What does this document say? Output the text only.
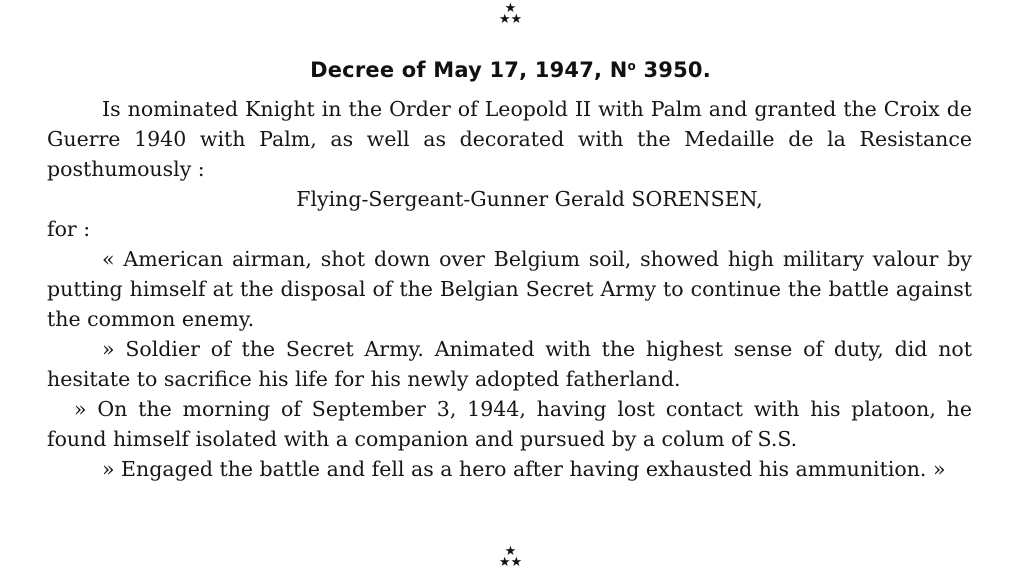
★
★★
Decree of May 17, 1947, $N^o$ 3950.

Is nominated Knight in the Order of Leopold II with Palm and granted the Croix de Guerre 1940 with Palm, as well as decorated with the Medaille de la Resistance posthumously :

Flying-Sergeant-Gunner Gerald SORENSEN,

for :

« American airman, shot down over Belgium soil, showed high military valour by putting himself at the disposal of the Belgian Secret Army to continue the battle against the common enemy.

» Soldier of the Secret Army. Animated with the highest sense of duty, did not hesitate to sacrifice his life for his newly adopted fatherland.

» On the morning of September 3, 1944, having lost contact with his platoon, he found himself isolated with a companion and pursued by a colum of S.S.

» Engaged the battle and fell as a hero after having exhausted his ammunition. »

★
★★
